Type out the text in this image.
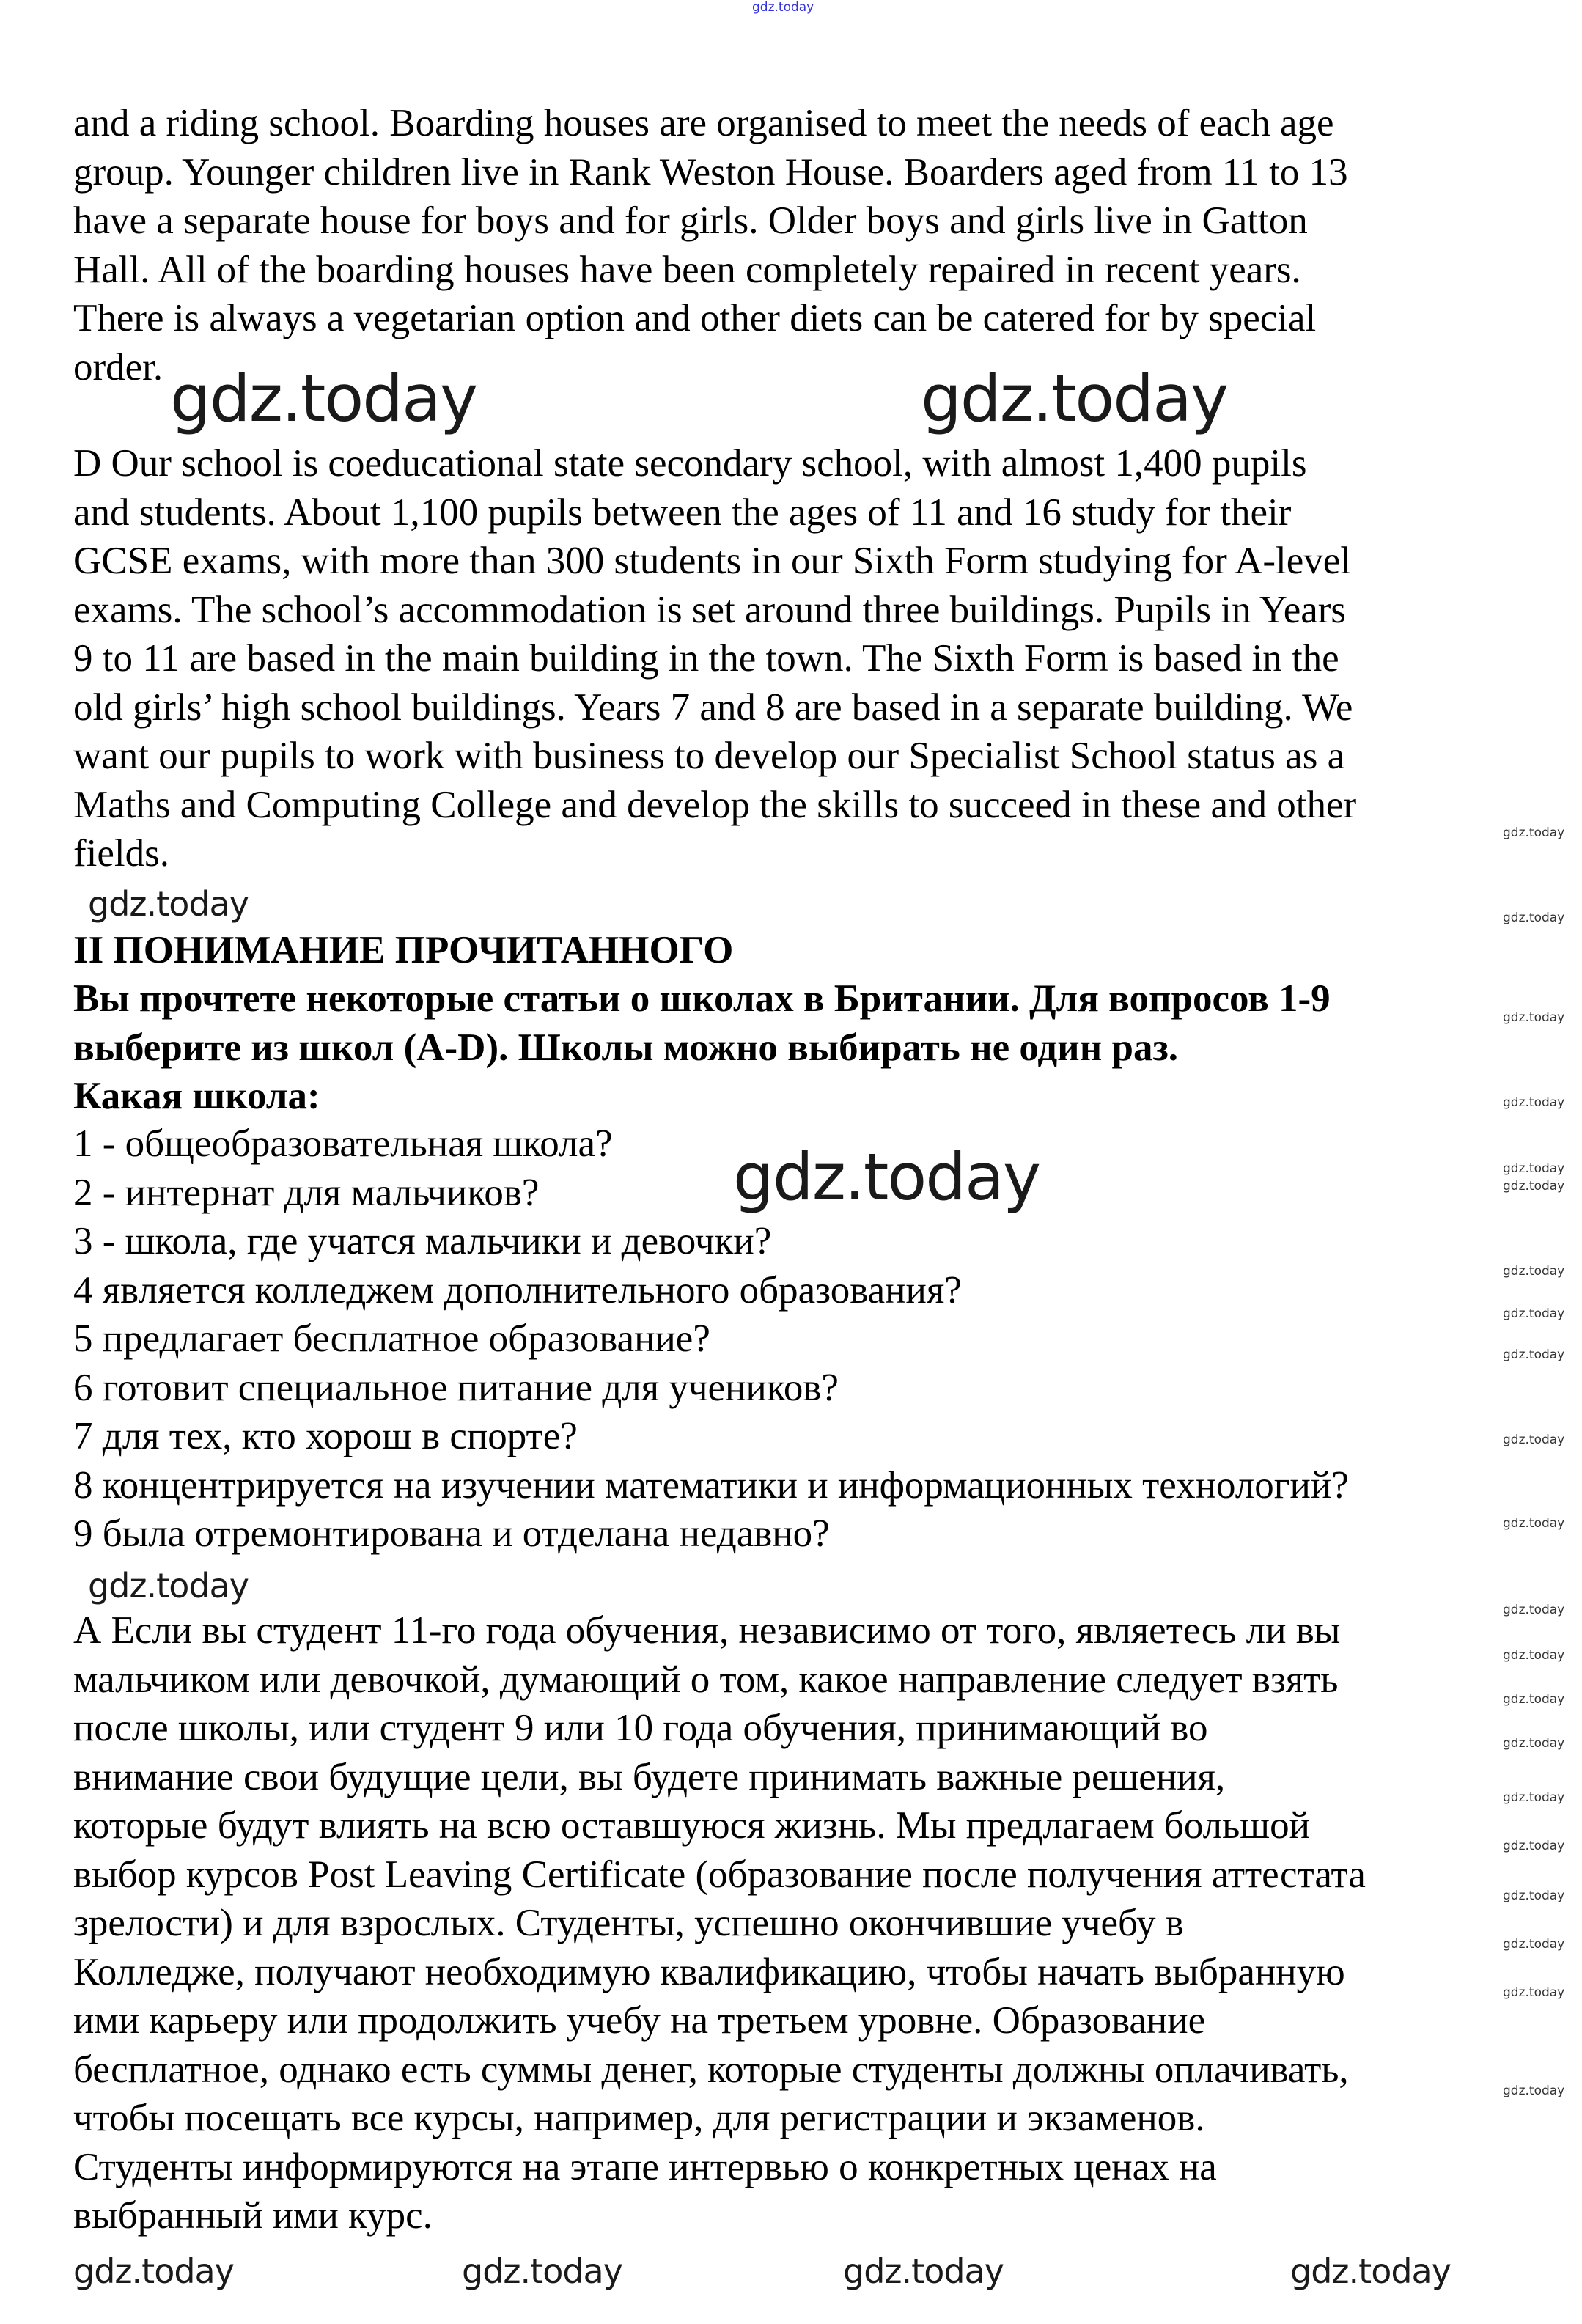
and a riding school. Boarding houses are organised to meet the needs of each age
group. Younger children live in Rank Weston House. Boarders aged from 11 to 13
have a separate house for boys and for girls. Older boys and girls live in Gatton
Hall. All of the boarding houses have been completely repaired in recent years.
There is always a vegetarian option and other diets can be catered for by special
order.
D Our school is coeducational state secondary school, with almost 1,400 pupils
and students. About 1,100 pupils between the ages of 11 and 16 study for their
GCSE exams, with more than 300 students in our Sixth Form studying for A-level
exams. The school’s accommodation is set around three buildings. Pupils in Years
9 to 11 are based in the main building in the town. The Sixth Form is based in the
old girls’ high school buildings. Years 7 and 8 are based in a separate building. We
want our pupils to work with business to develop our Specialist School status as a
Maths and Computing College and develop the skills to succeed in these and other
fields.
II ПОНИМАНИЕ ПРОЧИТАННОГО
Вы прочтете некоторые статьи о школах в Британии. Для вопросов 1-9
выберите из школ (A-D). Школы можно выбирать не один раз.
Какая школа:
1 - общеобразовательная школа?
2 - интернат для мальчиков?
3 - школа, где учатся мальчики и девочки?
4 является колледжем дополнительного образования?
5 предлагает бесплатное образование?
6 готовит специальное питание для учеников?
7 для тех, кто хорош в спорте?
8 концентрируется на изучении математики и информационных технологий?
9 была отремонтирована и отделана недавно?
А Если вы студент 11-го года обучения, независимо от того, являетесь ли вы
мальчиком или девочкой, думающий о том, какое направление следует взять
после школы, или студент 9 или 10 года обучения, принимающий во
внимание свои будущие цели, вы будете принимать важные решения,
которые будут влиять на всю оставшуюся жизнь. Мы предлагаем большой
выбор курсов Post Leaving Certificate (образование после получения аттестата
зрелости) и для взрослых. Студенты, успешно окончившие учебу в
Колледже, получают необходимую квалификацию, чтобы начать выбранную
ими карьеру или продолжить учебу на третьем уровне. Образование
бесплатное, однако есть суммы денег, которые студенты должны оплачивать,
чтобы посещать все курсы, например, для регистрации и экзаменов.
Студенты информируются на этапе интервью о конкретных ценах на
выбранный ими курс.
gdz.today
gdz.today	gdz.today
gdz.today
gdz.today
gdz.today
gdz.today	gdz.today	gdz.today	gdz.today
gdz.today
gdz.today
gdz.today
gdz.today
gdz.today
gdz.today
gdz.today
gdz.today
gdz.today
gdz.today
gdz.today
gdz.today
gdz.today
gdz.today
gdz.today
gdz.today
gdz.today
gdz.today
gdz.today
gdz.today
gdz.today
